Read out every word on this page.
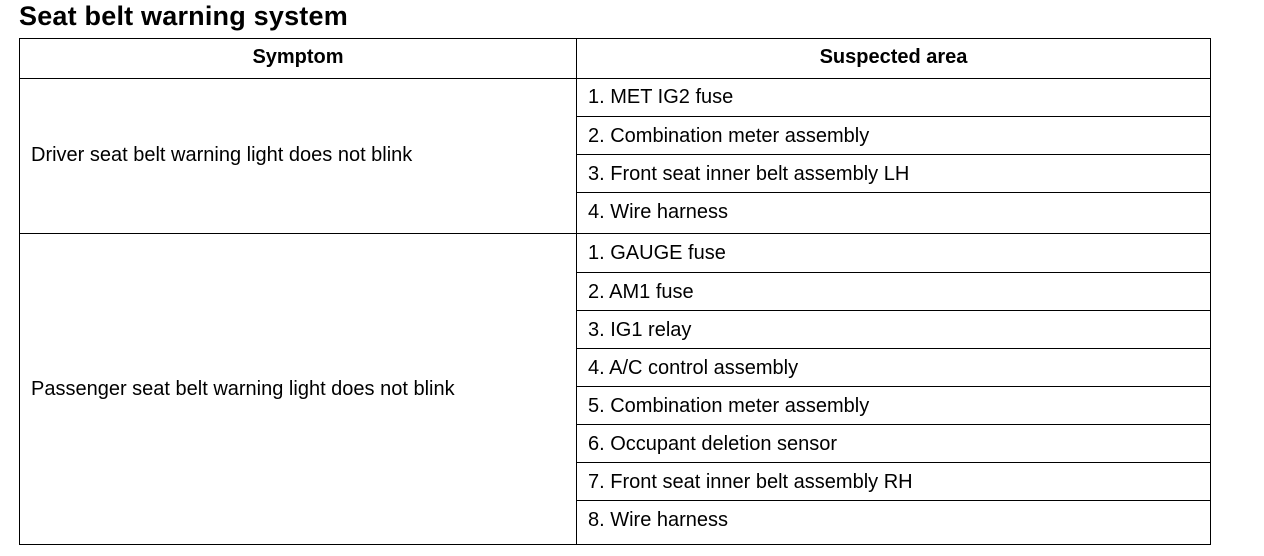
Seat belt warning system
Symptom	Suspected area
Driver seat belt warning light does not blink
1. MET IG2 fuse
2. Combination meter assembly
3. Front seat inner belt assembly LH
4. Wire harness
Passenger seat belt warning light does not blink
1. GAUGE fuse
2. AM1 fuse
3. IG1 relay
4. A/C control assembly
5. Combination meter assembly
6. Occupant deletion sensor
7. Front seat inner belt assembly RH
8. Wire harness
